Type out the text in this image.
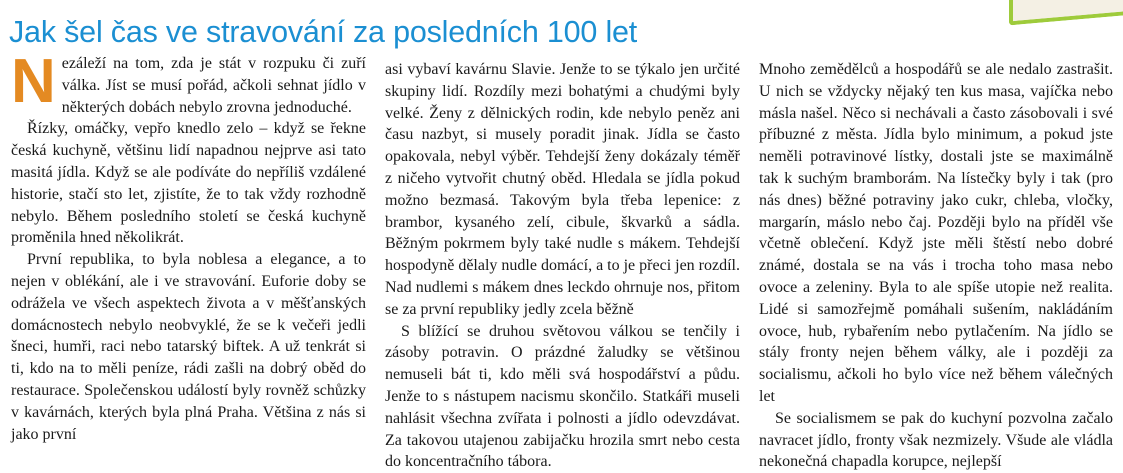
Jak šel čas ve stravování za posledních 100 let

Nezáleží na tom, zda je stát v rozpuku či zuří válka. Jíst se musí pořád, ačkoli sehnat jídlo v některých dobách nebylo zrovna jednoduché.

Řízky, omáčky, vepřo knedlo zelo – když se řekne česká kuchyně, většinu lidí napadnou nejprve asi tato masitá jídla. Když se ale podíváte do nepříliš vzdálené historie, stačí sto let, zjistíte, že to tak vždy rozhodně nebylo. Během posledního století se česká kuchyně proměnila hned několikrát.

První republika, to byla noblesa a elegance, a to nejen v oblékání, ale i ve stravování. Euforie doby se odrážela ve všech aspektech života a v měšťanských domácnostech nebylo neobvyklé, že se k večeři jedli šneci, humři, raci nebo tatarský biftek. A už tenkrát si ti, kdo na to měli peníze, rádi zašli na dobrý oběd do restaurace. Společenskou událostí byly rovněž schůzky v kavárnách, kterých byla plná Praha. Většina z nás si jako první

asi vybaví kavárnu Slavie. Jenže to se týkalo jen určité skupiny lidí. Rozdíly mezi bohatými a chudými byly velké. Ženy z dělnických rodin, kde nebylo peněz ani času nazbyt, si musely poradit jinak. Jídla se často opakovala, nebyl výběr. Tehdejší ženy dokázaly téměř z ničeho vytvořit chutný oběd. Hledala se jídla pokud možno bezmasá. Takovým byla třeba lepenice: z brambor, kysaného zelí, cibule, škvarků a sádla. Běžným pokrmem byly také nudle s mákem. Tehdejší hospodyně dělaly nudle domácí, a to je přeci jen rozdíl. Nad nudlemi s mákem dnes leckdo ohrnuje nos, přitom se za první republiky jedly zcela běžně

S blížící se druhou světovou válkou se tenčily i zásoby potravin. O prázdné žaludky se většinou nemuseli bát ti, kdo měli svá hospodářství a půdu. Jenže to s nástupem nacismu skončilo. Statkáři museli nahlásit všechna zvířata i polnosti a jídlo odevzdávat. Za takovou utajenou zabijačku hrozila smrt nebo cesta do koncentračního tábora.

Mnoho zemědělců a hospodářů se ale nedalo zastrašit. U nich se vždycky nějaký ten kus masa, vajíčka nebo másla našel. Něco si nechávali a často zásobovali i své příbuzné z města. Jídla bylo minimum, a pokud jste neměli potravinové lístky, dostali jste se maximálně tak k suchým bramborám. Na lístečky byly i tak (pro nás dnes) běžné potraviny jako cukr, chleba, vločky, margarín, máslo nebo čaj. Později bylo na příděl vše včetně oblečení. Když jste měli štěstí nebo dobré známé, dostala se na vás i trocha toho masa nebo ovoce a zeleniny. Byla to ale spíše utopie než realita. Lidé si samozřejmě pomáhali sušením, nakládáním ovoce, hub, rybařením nebo pytlačením. Na jídlo se stály fronty nejen během války, ale i později za socialismu, ačkoli ho bylo více než během válečných let

Se socialismem se pak do kuchyní pozvolna začalo navracet jídlo, fronty však nezmizely. Všude ale vládla nekonečná chapadla korupce, nejlepší
